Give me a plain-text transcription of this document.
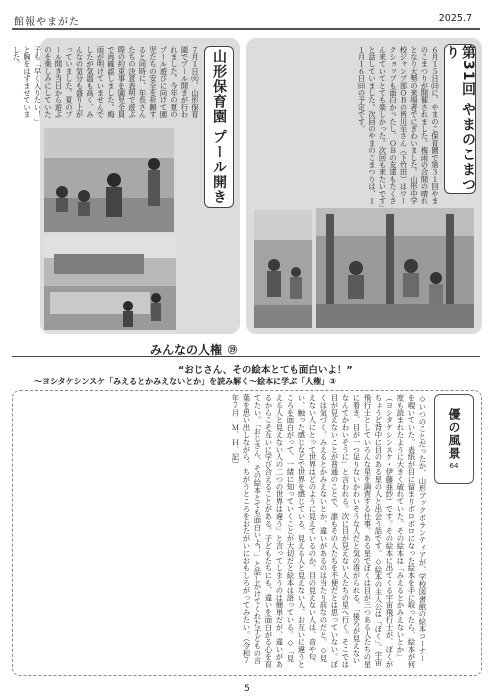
館報やまがた	2025.7
第31回 やまのこまつり
６月１５日㈰に、やまのこ保育園で第３１回やまのこまつりが開催されました。梅雨の合間の晴れとなり大勢の来場者でにぎわいました。山形中学校ジャンプ部ＯＢの皆川至さん（下竹田）はワークショップも面白かったし、ＯＢの友達もたくさん来ていてとても楽しかった。次回も来たいです」と話していました。次回のやまのこまつりは、１１月１６日㈰の予定です。
山形保育園 プール開き
７月１日㈫、山形保育園でプール開きが行われました。今年の夏のプール遊びに向けて園児たちの安全を祈願すると同時に、年長さんたちの決意表明で遊ぶ際の約束事を園児全員で再確認しました。梅雨が明けていませんでしたが気温も高く、みんなの気分も盛り上がっていました。夏のプール開き当日から遊ぶのを楽しみにしていた子も「早く入りたい！」と胸をはずませていました。
みんなの人権 ⑲
“おじさん、その絵本とても面白いよ！”
～ヨシタケシンスケ「みえるとかみえないとか」を読み解く～絵本に学ぶ「人権」③
優の風景
64
◇いつのことだったか、山形ブックボランティアが、学校図書館の絵本コーナーを覗いていた。表紙が目に留まりボロボロになった絵本を手に取ったら、絵本が何度も読まれたように大きく破れていた。その絵本は「みえるとかみえないとか」（ヨシタケシンスケ・伊藤亜紗）です。その絵本に出てくる宇宙飛行士が、ぼくがちょうど背中に目のある星の人と出会う話です。◇絵本の主人公は「ぼく」。宇宙飛行士としていろんな星を調査する仕事。ある星でぼくは目が三つある人たちの星に着き、目が一つ足りないかわいそうな人だと気の毒がられる。「後ろが見えないなんてかわいそうに」と言われる。次に目が見えない人たちの星へ行く。そこでは目が見えないことが普通のことで、誰もその人たちを不便だとは思っていない。ぼくは気づく。みえるとかみえないとか、違いがあるのは当たり前なのだと。◇見えない人にとって世界はどのように見えているのか。目の見えない人は、音や匂い、触った感じなどで世界を感じている。見える人と見えない人、お互いに違うところを面白がって、一緒に知っていくことが大切だと絵本は語っている。◇「見える人と見えない人の二つの世界は違う」と言ってしまうのは簡単だが、違いがあるからこそ互いに学び合えることがある。子どもたちにも、違いを面白がる心を育てたい。「おじさん、その絵本とても面白いよ！」と話しかけてくれた子どもの言葉を思い出しながら、ちがうところをおたがいにおもしろがってみたい。（令和７年７月　Ｍ．Ｈ．記）
5
